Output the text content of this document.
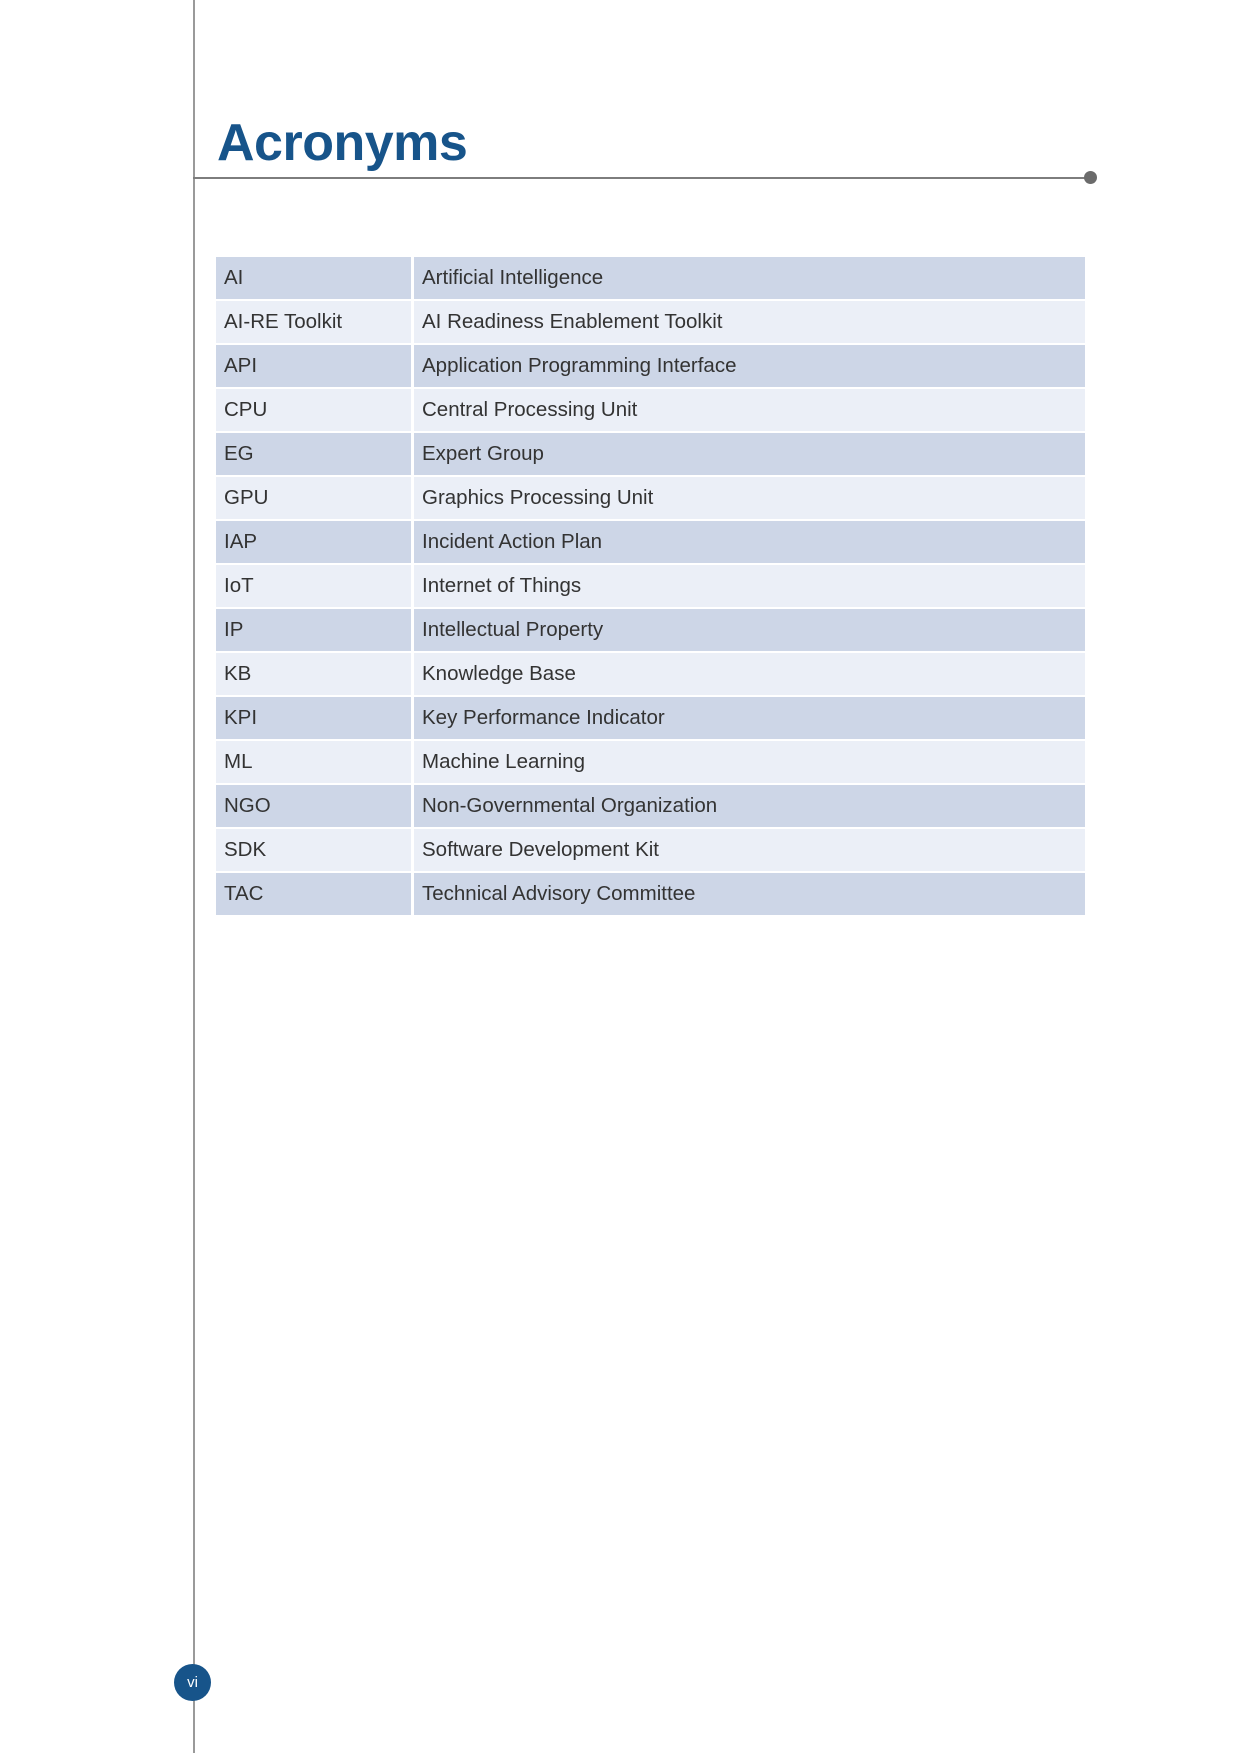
Acronyms
AI	Artificial Intelligence
AI-RE Toolkit	AI Readiness Enablement Toolkit
API	Application Programming Interface
CPU	Central Processing Unit
EG	Expert Group
GPU	Graphics Processing Unit
IAP	Incident Action Plan
IoT	Internet of Things
IP	Intellectual Property
KB	Knowledge Base
KPI	Key Performance Indicator
ML	Machine Learning
NGO	Non-Governmental Organization
SDK	Software Development Kit
TAC	Technical Advisory Committee
vi
